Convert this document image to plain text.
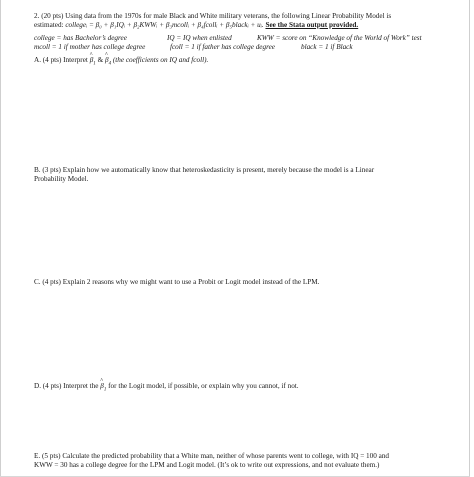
2. (20 pts) Using data from the 1970s for male Black and White military veterans, the following Linear Probability Model is
estimated: collegeᵢ = β₀ + β₁IQᵢ + β₂KWWᵢ + β₃mcollᵢ + β₄fcollᵢ + β₅blackᵢ + uᵢ. See the Stata output provided.
college = has Bachelor’s degree	IQ = IQ when enlisted	KWW = score on “Knowledge of the World of Work” test
mcoll = 1 if mother has college degree	fcoll = 1 if father has college degree	black = 1 if Black
A. (4 pts) Interpret ^ $\beta_1$ & ^ $\beta_4$ (the coefficients on IQ and fcoll).
B. (3 pts) Explain how we automatically know that heteroskedasticity is present, merely because the model is a Linear
Probability Model.
C. (4 pts) Explain 2 reasons why we might want to use a Probit or Logit model instead of the LPM.
D. (4 pts) Interpret the ^ $\beta_1$ for the Logit model, if possible, or explain why you cannot, if not.
E. (5 pts) Calculate the predicted probability that a White man, neither of whose parents went to college, with IQ = 100 and
KWW = 30 has a college degree for the LPM and Logit model. (It’s ok to write out expressions, and not evaluate them.)
